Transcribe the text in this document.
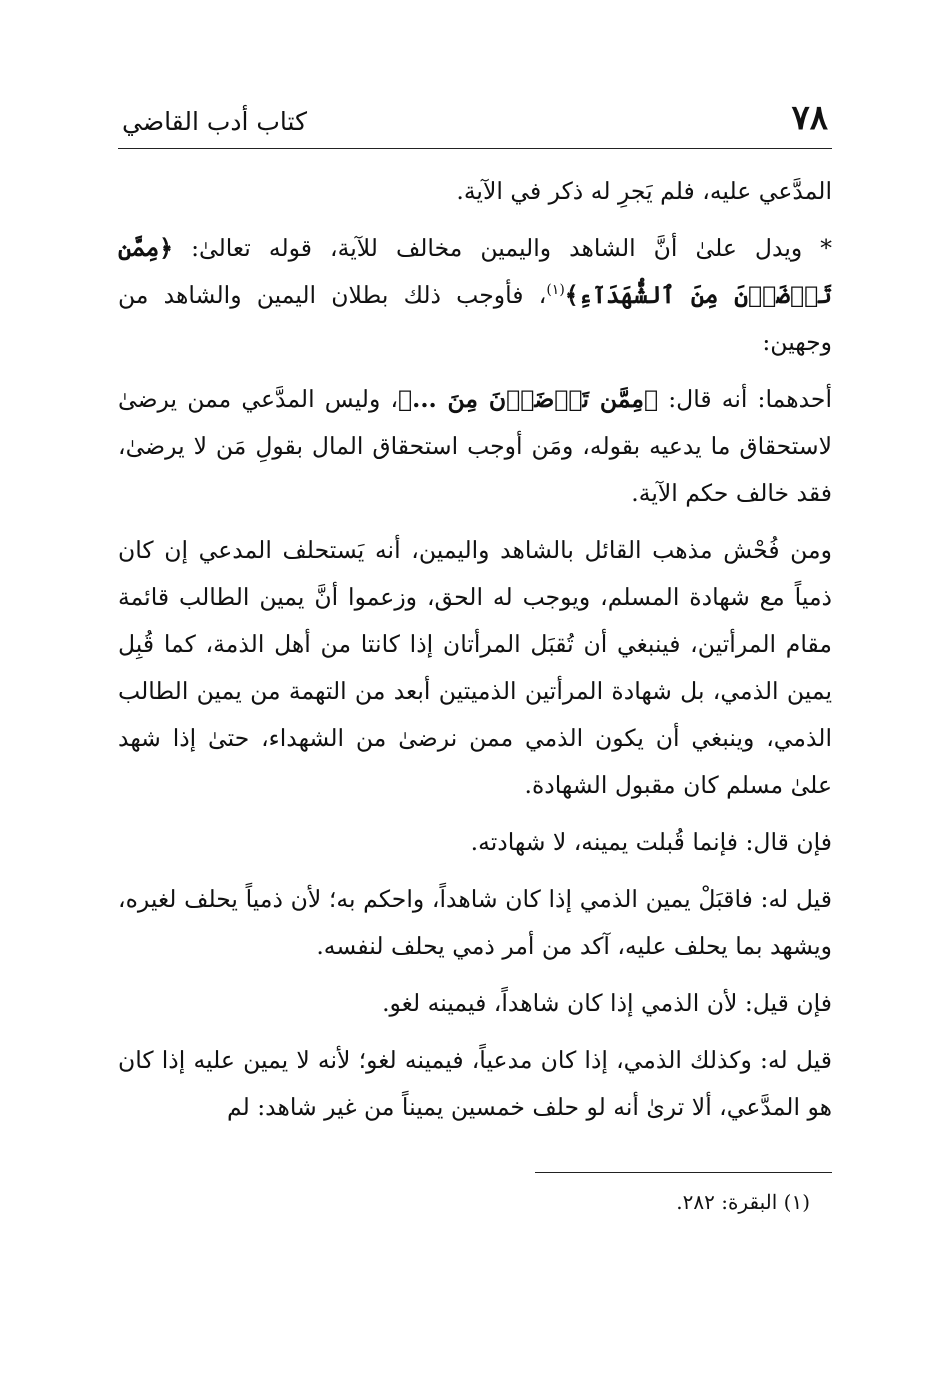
٧٨
كتاب أدب القاضي

المدَّعي عليه، فلم يَجرِ له ذكر في الآية.

* ويدل علىٰ أنَّ الشاهد واليمين مخالف للآية، قوله تعالىٰ: ﴿مِمَّن تَرۡضَوۡنَ مِنَ ٱلشُّهَدَآءِ﴾$^{(١)}$، فأوجب ذلك بطلان اليمين والشاهد من وجهين:

أحدهما: أنه قال: ﴿مِمَّن تَرۡضَوۡنَ مِنَ ...﴾، وليس المدَّعي ممن يرضىٰ لاستحقاق ما يدعيه بقوله، ومَن أوجب استحقاق المال بقولِ مَن لا يرضىٰ، فقد خالف حكم الآية.

ومن فُحْش مذهب القائل بالشاهد واليمين، أنه يَستحلف المدعي إن كان ذمياً مع شهادة المسلم، ويوجب له الحق، وزعموا أنَّ يمين الطالب قائمة مقام المرأتين، فينبغي أن تُقبَل المرأتان إذا كانتا من أهل الذمة، كما قُبِل يمين الذمي، بل شهادة المرأتين الذميتين أبعد من التهمة من يمين الطالب الذمي، وينبغي أن يكون الذمي ممن نرضىٰ من الشهداء، حتىٰ إذا شهد علىٰ مسلم كان مقبول الشهادة.

فإن قال: فإنما قُبلت يمينه، لا شهادته.

قيل له: فاقبَلْ يمين الذمي إذا كان شاهداً، واحكم به؛ لأن ذمياً يحلف لغيره، ويشهد بما يحلف عليه، آكد من أمر ذمي يحلف لنفسه.

فإن قيل: لأن الذمي إذا كان شاهداً، فيمينه لغو.

قيل له: وكذلك الذمي، إذا كان مدعياً، فيمينه لغو؛ لأنه لا يمين عليه إذا كان هو المدَّعي، ألا ترىٰ أنه لو حلف خمسين يميناً من غير شاهد: لم

(١) البقرة: ٢٨٢.
